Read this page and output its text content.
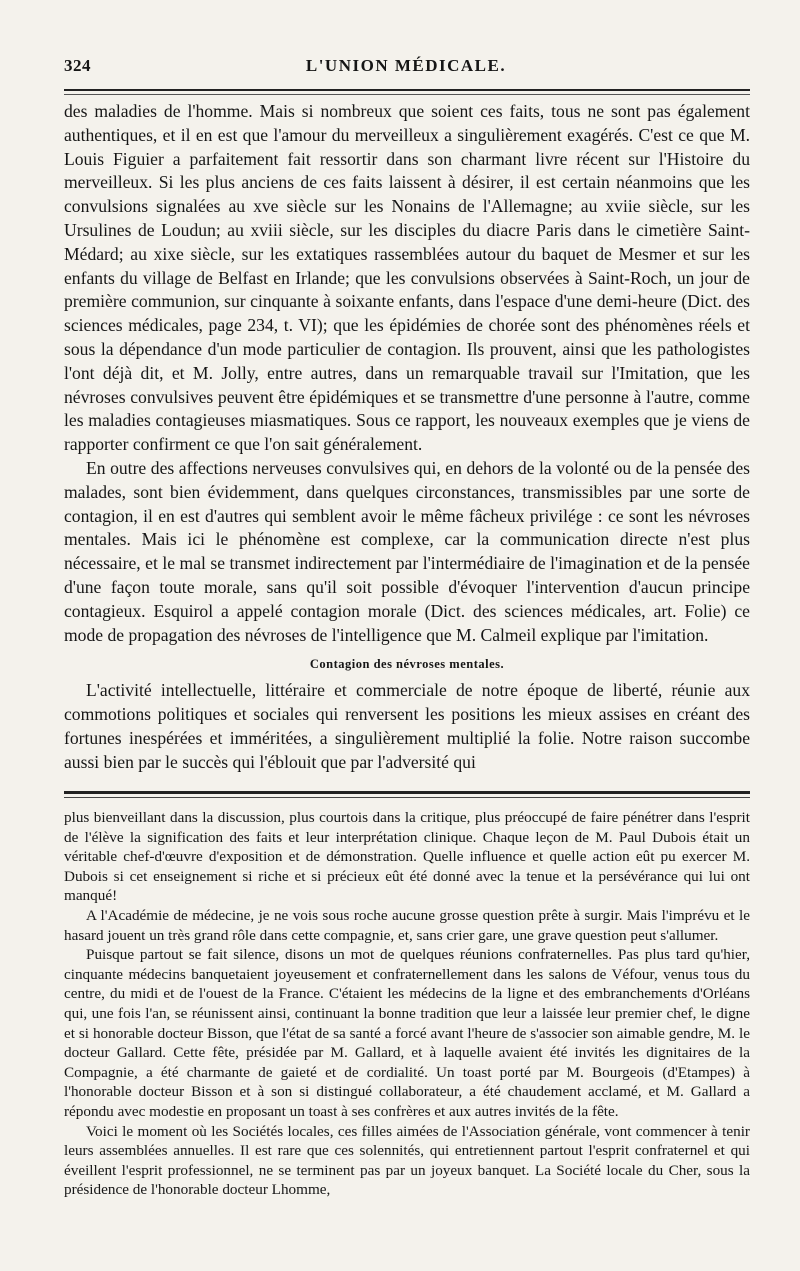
324	L'UNION MÉDICALE.

des maladies de l'homme. Mais si nombreux que soient ces faits, tous ne sont pas également authentiques, et il en est que l'amour du merveilleux a singulièrement exagérés. C'est ce que M. Louis Figuier a parfaitement fait ressortir dans son charmant livre récent sur l'Histoire du merveilleux. Si les plus anciens de ces faits laissent à désirer, il est certain néanmoins que les convulsions signalées au xve siècle sur les Nonains de l'Allemagne; au xviie siècle, sur les Ursulines de Loudun; au xviii siècle, sur les disciples du diacre Paris dans le cimetière Saint-Médard; au xixe siècle, sur les extatiques rassemblées autour du baquet de Mesmer et sur les enfants du village de Belfast en Irlande; que les convulsions observées à Saint-Roch, un jour de première communion, sur cinquante à soixante enfants, dans l'espace d'une demi-heure (Dict. des sciences médicales, page 234, t. VI); que les épidémies de chorée sont des phénomènes réels et sous la dépendance d'un mode particulier de contagion. Ils prouvent, ainsi que les pathologistes l'ont déjà dit, et M. Jolly, entre autres, dans un remarquable travail sur l'Imitation, que les névroses convulsives peuvent être épidémiques et se transmettre d'une personne à l'autre, comme les maladies contagieuses miasmatiques. Sous ce rapport, les nouveaux exemples que je viens de rapporter confirment ce que l'on sait généralement.

En outre des affections nerveuses convulsives qui, en dehors de la volonté ou de la pensée des malades, sont bien évidemment, dans quelques circonstances, transmissibles par une sorte de contagion, il en est d'autres qui semblent avoir le même fâcheux privilége : ce sont les névroses mentales. Mais ici le phénomène est complexe, car la communication directe n'est plus nécessaire, et le mal se transmet indirectement par l'intermédiaire de l'imagination et de la pensée d'une façon toute morale, sans qu'il soit possible d'évoquer l'intervention d'aucun principe contagieux. Esquirol a appelé contagion morale (Dict. des sciences médicales, art. Folie) ce mode de propagation des névroses de l'intelligence que M. Calmeil explique par l'imitation.

Contagion des névroses mentales.

L'activité intellectuelle, littéraire et commerciale de notre époque de liberté, réunie aux commotions politiques et sociales qui renversent les positions les mieux assises en créant des fortunes inespérées et imméritées, a singulièrement multiplié la folie. Notre raison succombe aussi bien par le succès qui l'éblouit que par l'adversité qui

plus bienveillant dans la discussion, plus courtois dans la critique, plus préoccupé de faire pénétrer dans l'esprit de l'élève la signification des faits et leur interprétation clinique. Chaque leçon de M. Paul Dubois était un véritable chef-d'œuvre d'exposition et de démonstration. Quelle influence et quelle action eût pu exercer M. Dubois si cet enseignement si riche et si précieux eût été donné avec la tenue et la persévérance qui lui ont manqué!

A l'Académie de médecine, je ne vois sous roche aucune grosse question prête à surgir. Mais l'imprévu et le hasard jouent un très grand rôle dans cette compagnie, et, sans crier gare, une grave question peut s'allumer.

Puisque partout se fait silence, disons un mot de quelques réunions confraternelles. Pas plus tard qu'hier, cinquante médecins banquetaient joyeusement et confraternellement dans les salons de Véfour, venus tous du centre, du midi et de l'ouest de la France. C'étaient les médecins de la ligne et des embranchements d'Orléans qui, une fois l'an, se réunissent ainsi, continuant la bonne tradition que leur a laissée leur premier chef, le digne et si honorable docteur Bisson, que l'état de sa santé a forcé avant l'heure de s'associer son aimable gendre, M. le docteur Gallard. Cette fête, présidée par M. Gallard, et à laquelle avaient été invités les dignitaires de la Compagnie, a été charmante de gaieté et de cordialité. Un toast porté par M. Bourgeois (d'Etampes) à l'honorable docteur Bisson et à son si distingué collaborateur, a été chaudement acclamé, et M. Gallard a répondu avec modestie en proposant un toast à ses confrères et aux autres invités de la fête.

Voici le moment où les Sociétés locales, ces filles aimées de l'Association générale, vont commencer à tenir leurs assemblées annuelles. Il est rare que ces solennités, qui entretiennent partout l'esprit confraternel et qui éveillent l'esprit professionnel, ne se terminent pas par un joyeux banquet. La Société locale du Cher, sous la présidence de l'honorable docteur Lhomme,
